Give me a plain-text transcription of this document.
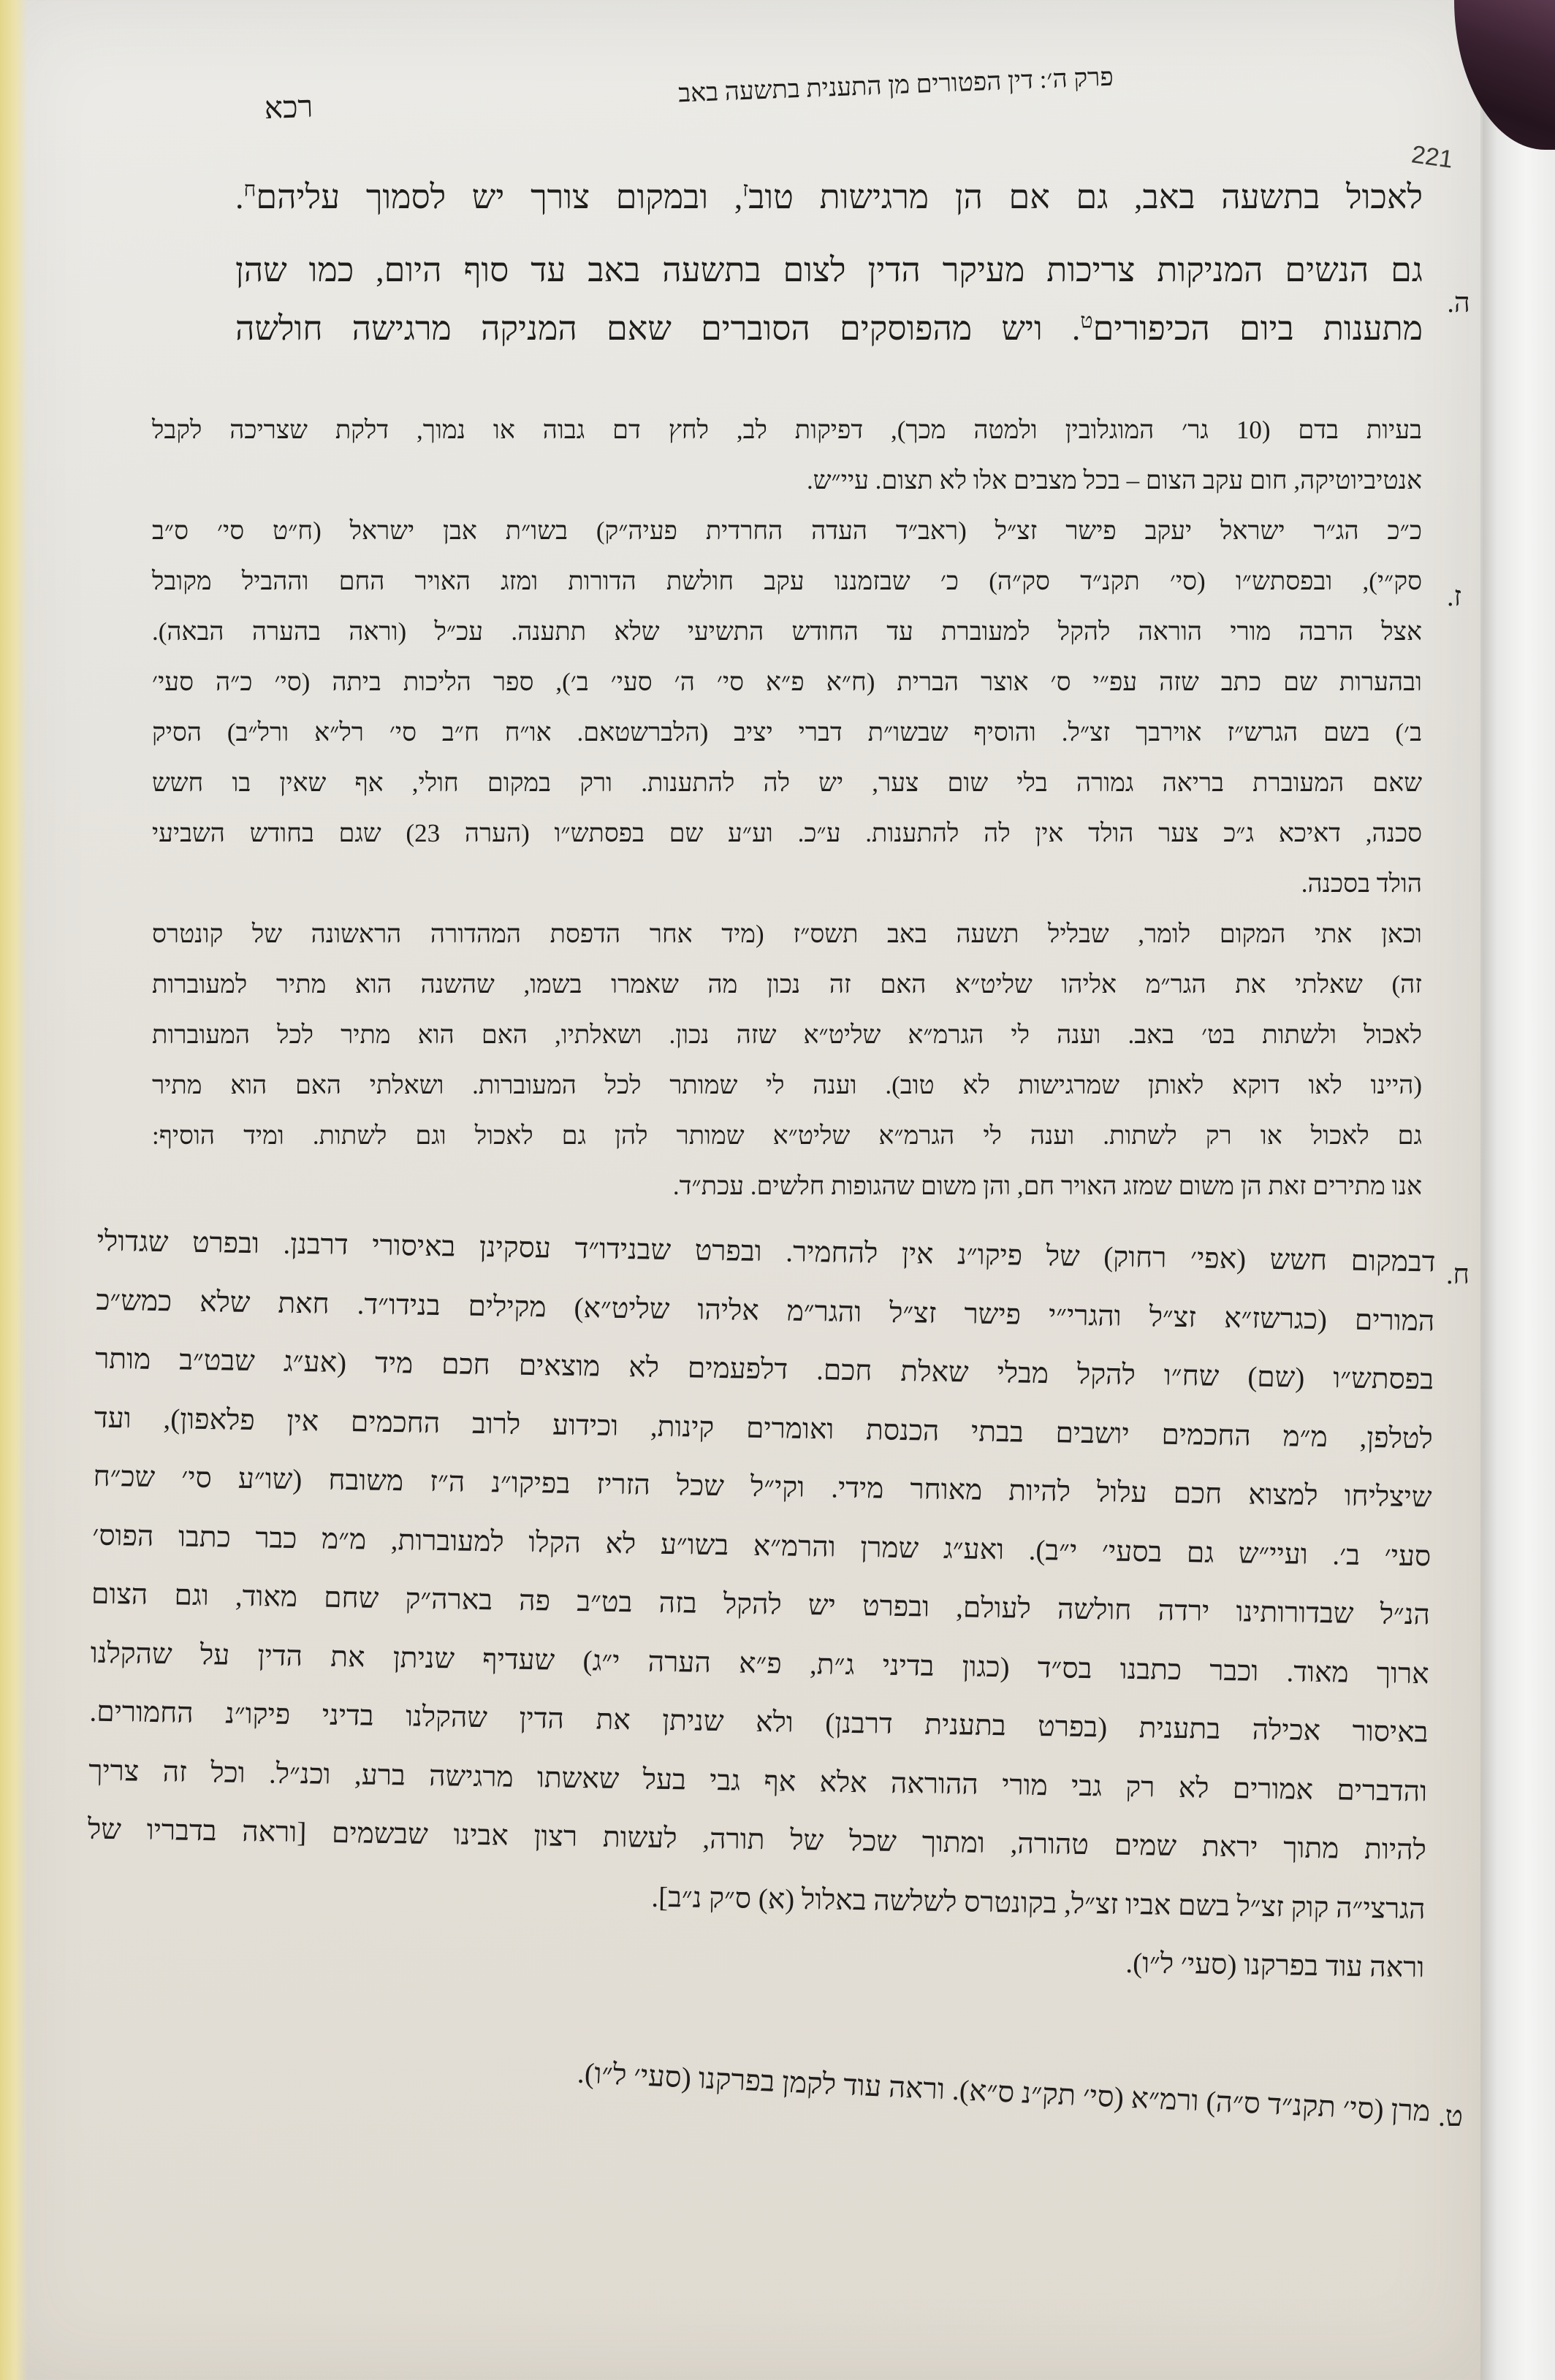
פרק ה׳: דין הפטורים מן התענית בתשעה באב
רכא
221
לאכול בתשעה באב, גם אם הן מרגישות טוב$^ז$, ובמקום צורך יש לסמוך עליהם$^ח$.
גם הנשים המניקות צריכות מעיקר הדין לצום בתשעה באב עד סוף היום, כמו שהן
מתענות ביום הכיפורים$^ט$. ויש מהפוסקים הסוברים שאם המניקה מרגישה חולשה
ה.
בעיות בדם (10 גר׳ המוגלובין ולמטה מכך), דפיקות לב, לחץ דם גבוה או נמוך, דלקת שצריכה לקבל
אנטיביוטיקה, חום עקב הצום – בכל מצבים אלו לא תצום. עיי״ש.
כ״כ הג״ר ישראל יעקב פישר זצ״ל (ראב״ד העדה החרדית פעיה״ק) בשו״ת אבן ישראל (ח״ט סי׳ ס״ב
סק״י), ובפסתש״ו (סי׳ תקנ״ד סק״ה) כ׳ שבזמננו עקב חולשת הדורות ומזג האויר החם וההביל מקובל
אצל הרבה מורי הוראה להקל למעוברת עד החודש התשיעי שלא תתענה. עכ״ל (וראה בהערה הבאה).
ובהערות שם כתב שזה עפ״י ס׳ אוצר הברית (ח״א פ״א סי׳ ה׳ סעי׳ ב׳), ספר הליכות ביתה (סי׳ כ״ה סעי׳
ב׳) בשם הגרש״ז אוירבך זצ״ל. והוסיף שבשו״ת דברי יציב (הלברשטאם. או״ח ח״ב סי׳ רל״א ורל״ב) הסיק
שאם המעוברת בריאה גמורה בלי שום צער, יש לה להתענות. ורק במקום חולי, אף שאין בו חשש
סכנה, דאיכא ג״כ צער הולד אין לה להתענות. ע״כ. וע״ע שם בפסתש״ו (הערה 23) שגם בחודש השביעי
הולד בסכנה.
וכאן אתי המקום לומר, שבליל תשעה באב תשס״ז (מיד אחר הדפסת המהדורה הראשונה של קונטרס
זה) שאלתי את הגר״מ אליהו שליט״א האם זה נכון מה שאמרו בשמו, שהשנה הוא מתיר למעוברות
לאכול ולשתות בט׳ באב. וענה לי הגרמ״א שליט״א שזה נכון. ושאלתיו, האם הוא מתיר לכל המעוברות
(היינו לאו דוקא לאותן שמרגישות לא טוב). וענה לי שמותר לכל המעוברות. ושאלתי האם הוא מתיר
גם לאכול או רק לשתות. וענה לי הגרמ״א שליט״א שמותר להן גם לאכול וגם לשתות. ומיד הוסיף:
אנו מתירים זאת הן משום שמזג האויר חם, והן משום שהגופות חלשים. עכת״ד.
ז.
דבמקום חשש (אפי׳ רחוק) של פיקו״נ אין להחמיר. ובפרט שבנידו״ד עסקינן באיסורי דרבנן. ובפרט שגדולי
המורים (כגרשז״א זצ״ל והגרי״י פישר זצ״ל והגר״מ אליהו שליט״א) מקילים בנידו״ד. חאת שלא כמש״כ
בפסתש״ו (שם) שח״ו להקל מבלי שאלת חכם. דלפעמים לא מוצאים חכם מיד (אע״ג שבט״ב מותר
לטלפן, מ״מ החכמים יושבים בבתי הכנסת ואומרים קינות, וכידוע לרוב החכמים אין פלאפון), ועד
שיצליחו למצוא חכם עלול להיות מאוחר מידי. וקי״ל שכל הזריז בפיקו״נ ה״ז משובח (שו״ע סי׳ שכ״ח
סעי׳ ב׳. ועיי״ש גם בסעי׳ י״ב). ואע״ג שמרן והרמ״א בשו״ע לא הקלו למעוברות, מ״מ כבר כתבו הפוס׳
הנ״ל שבדורותינו ירדה חולשה לעולם, ובפרט יש להקל בזה בט״ב פה בארה״ק שחם מאוד, וגם הצום
ארוך מאוד. וכבר כתבנו בס״ד (כגון בדיני ג״ת, פ״א הערה י״ג) שעדיף שניתן את הדין על שהקלנו
באיסור אכילה בתענית (בפרט בתענית דרבנן) ולא שניתן את הדין שהקלנו בדיני פיקו״נ החמורים.
והדברים אמורים לא רק גבי מורי ההוראה אלא אף גבי בעל שאשתו מרגישה ברע, וכנ״ל. וכל זה צריך
להיות מתוך יראת שמים טהורה, ומתוך שכל של תורה, לעשות רצון אבינו שבשמים [וראה בדבריו של
הגרצי״ה קוק זצ״ל בשם אביו זצ״ל, בקונטרס לשלשה באלול (א) ס״ק נ״ב].
וראה עוד בפרקנו (סעי׳ ל״ו).
ח.
מרן (סי׳ תקנ״ד ס״ה) ורמ״א (סי׳ תק״נ ס״א). וראה עוד לקמן בפרקנו (סעי׳ ל״ו). ט.
